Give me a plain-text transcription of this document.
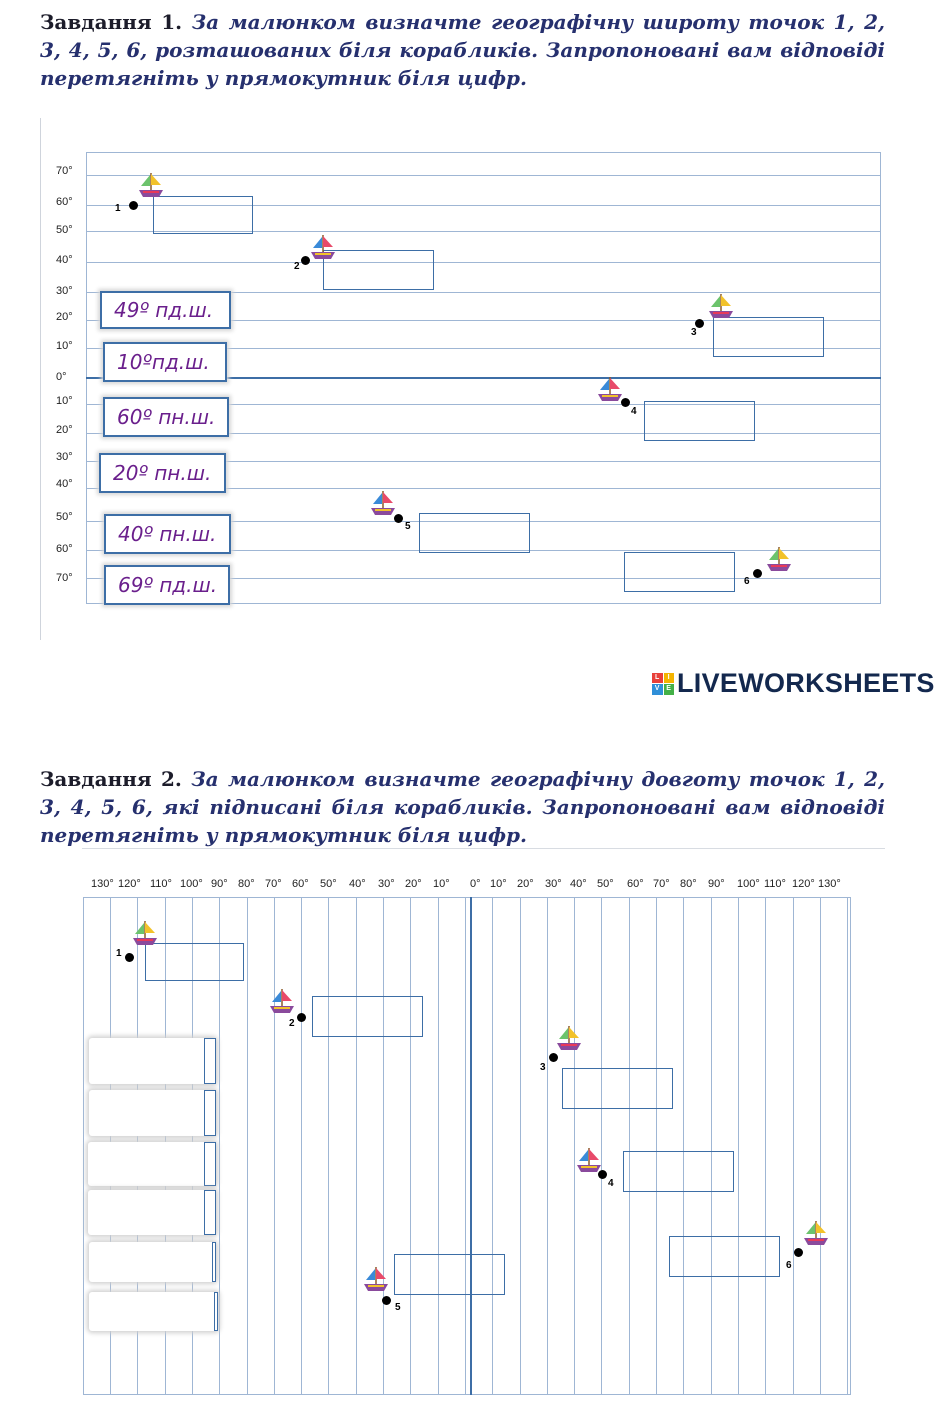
Завдання 1. За малюнком визначте географічну широту точок 1, 2, 3, 4, 5, 6, розташованих біля корабликів. Запропоновані вам відповіді перетягніть у прямокутник біля цифр.
70°
60°
50°
40°
30°
20°
10°
0°
10°
20°
30°
40°
50°
60°
70°
49º пд.ш.
10ºпд.ш.
60º пн.ш.
20º пн.ш.
40º пн.ш.
69º пд.ш.
1
2
3
4
5
6
L	I
V E LIVEWORKSHEETS
Завдання 2. За малюнком визначте географічну довготу точок 1, 2, 3, 4, 5, 6, які підписані біля корабликів. Запропоновані вам відповіді перетягніть у прямокутник біля цифр.
130° 120° 110° 100° 90° 80° 70° 60° 50° 40° 30° 20° 10° 0° 10° 20° 30° 40° 50° 60° 70° 80° 90° 100° 110° 120° 130°
1
2
3
4
5
6
